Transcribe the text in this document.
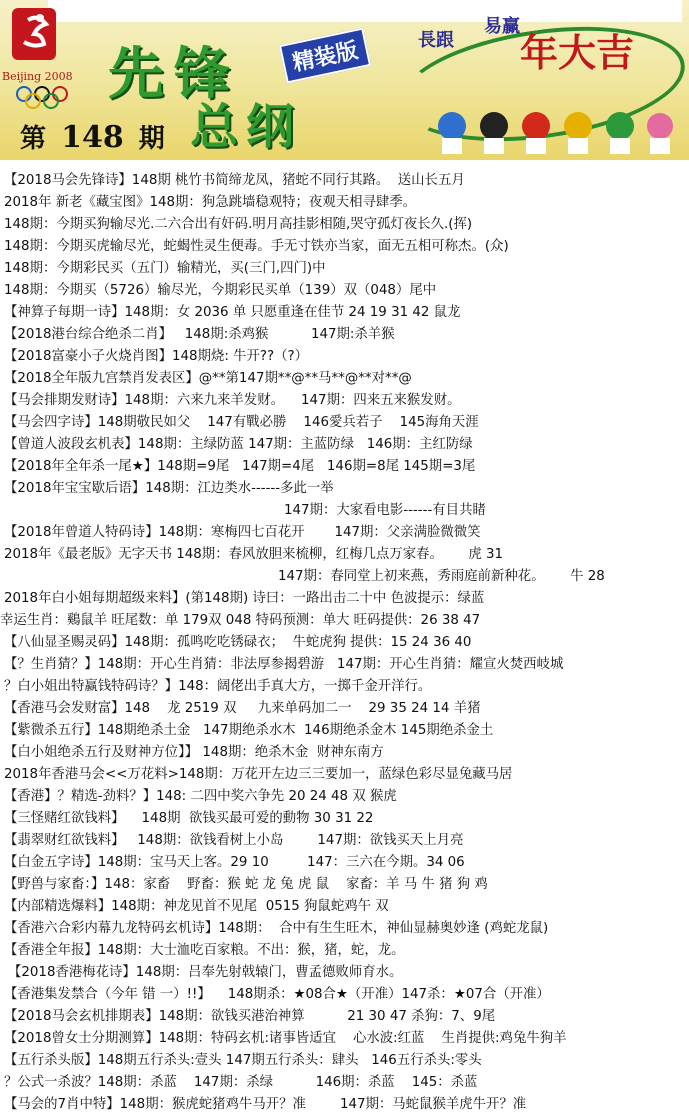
Beijing 2008 先锋
总纲
精装版	長跟
易赢
年大吉
第 148 期
【2018马会先锋诗】148期 桃竹书简缔龙凤，猪蛇不同行其路。  送山长五月
2018年 新老《藏宝图》148期：狗急跳墙稳观特；夜观天相寻肆季。
148期：今期买狗输尽光.二六合出有奸码.明月高挂影相随,哭守孤灯夜长久.(挥)
148期：今期买虎输尽光，蛇蝎性灵生便毒。手无寸铁亦当家，面无五相可称杰。(众)
148期：今期彩民买（五门）输精光，买(三门,四门)中
148期：今期买（5726）输尽光，今期彩民买单（139）双（048）尾中
【神算子每期一诗】148期：女 2036 单 只愿重逢在佳节 24 19 31 42 鼠龙
【2018港台综合绝杀二肖】   148期:杀鸡猴          147期:杀羊猴
【2018富豪小子火烧肖图】148期烧: 牛开??（?）
【2018全年版九宫禁肖发表区】@**第147期**@**马**@**对**@
【马会排期发财诗】148期：六来九来羊发财。    147期：四来五来猴发财。
【马会四字诗】148期敬民如父    147有戰必勝    146愛兵若子    145海角天涯
【曾道人波段玄机表】148期：主绿防蓝 147期：主蓝防绿   146期：主红防绿
【2018年全年杀一尾★】148期=9尾   147期=4尾   146期=8尾 145期=3尾
【2018年宝宝歇后语】148期：江边类水------多此一举
147期：大家看电影------有目共睹
【2018年曾道人特码诗】148期：寒梅四七百花开       147期：父亲满脸微微笑
2018年《最老版》无字天书 148期：春风放胆来梳柳，红梅几点万家春。      虎 31
147期：春同堂上初来燕，秀雨庭前新种花。      牛 28
2018年白小姐每期超级来料】(第148期) 诗曰：一路出击二十中 色波提示：绿蓝
幸运生肖：鷄鼠羊 旺尾数：单 179双 048 特码预测：单大 旺码提供：26 38 47
【八仙显圣赐灵码】148期：孤鸣吃吃锈碌衣；  牛蛇虎狗 提供：15 24 36 40
【？生肖猜？】148期：开心生肖猜：非法厚参揭碧游   147期：开心生肖猜：耀宣火焚西岐城
？白小姐出特赢钱特码诗？】148：阔佬出手真大方，一掷千金开洋行。
【香港马会发财富】148    龙 2519 双     九来单码加二一    29 35 24 14 羊猪
【紫微杀五行】148期绝杀土金   147期绝杀水木  146期绝杀金木 145期绝杀金土
【白小姐绝杀五行及财神方位】】 148期：绝杀木金  财神东南方
2018年香港马会<<万花料>148期：万花开左边三三要加一，蓝绿色彩尽显兔藏马居
【香港】？精选-劲料？】148: 二四中奖六争先 20 24 48 双 猴虎
【三怪赌红欲钱料】    148期  欲钱买最可爱的動物 30 31 22
【翡翠财红欲钱料】   148期：欲钱看树上小岛        147期：欲钱买天上月亮
【白金五字诗】148期：宝马天上客。29 10         147：三六在今期。34 06
【野兽与家畜：】148：家畜    野畜：猴 蛇 龙 兔 虎 鼠    家畜：羊 马 牛 猪 狗 鸡
【内部精选爆料】148期：神龙见首不见尾  0515 狗鼠蛇鸡午 双
【香港六合彩内幕九龙特码玄机诗】148期：  合中有生生旺木，神仙显赫奥妙逢 (鸡蛇龙鼠)
【香港全年报】148期：大士洫吃百家粮。不出：猴，猪，蛇，龙。
【2018香港梅花诗】148期：吕奉先射戟辕门，曹孟德败师育水。
【香港集发禁合（今年 错 一）!!】    148期杀：★08合★（开准）147杀：★07合（开准）
【2018马会玄机排期表】148期：欲钱买港治神算          21 30 47 杀狗：7、9尾
【2018曾女士分期测算】148期：特码玄机:诸事皆适宜    心水波:红蓝    生肖提供:鸡兔牛狗羊
【五行杀头版】148期五行杀头:壹头 147期五行杀头：肆头   146五行杀头:零头
？公式一杀波？148期：杀蓝    147期：杀绿          146期：杀蓝    145：杀蓝
【马会的7肖中特】148期：猴虎蛇猪鸡牛马开？准        147期：马蛇鼠猴羊虎牛开？准
